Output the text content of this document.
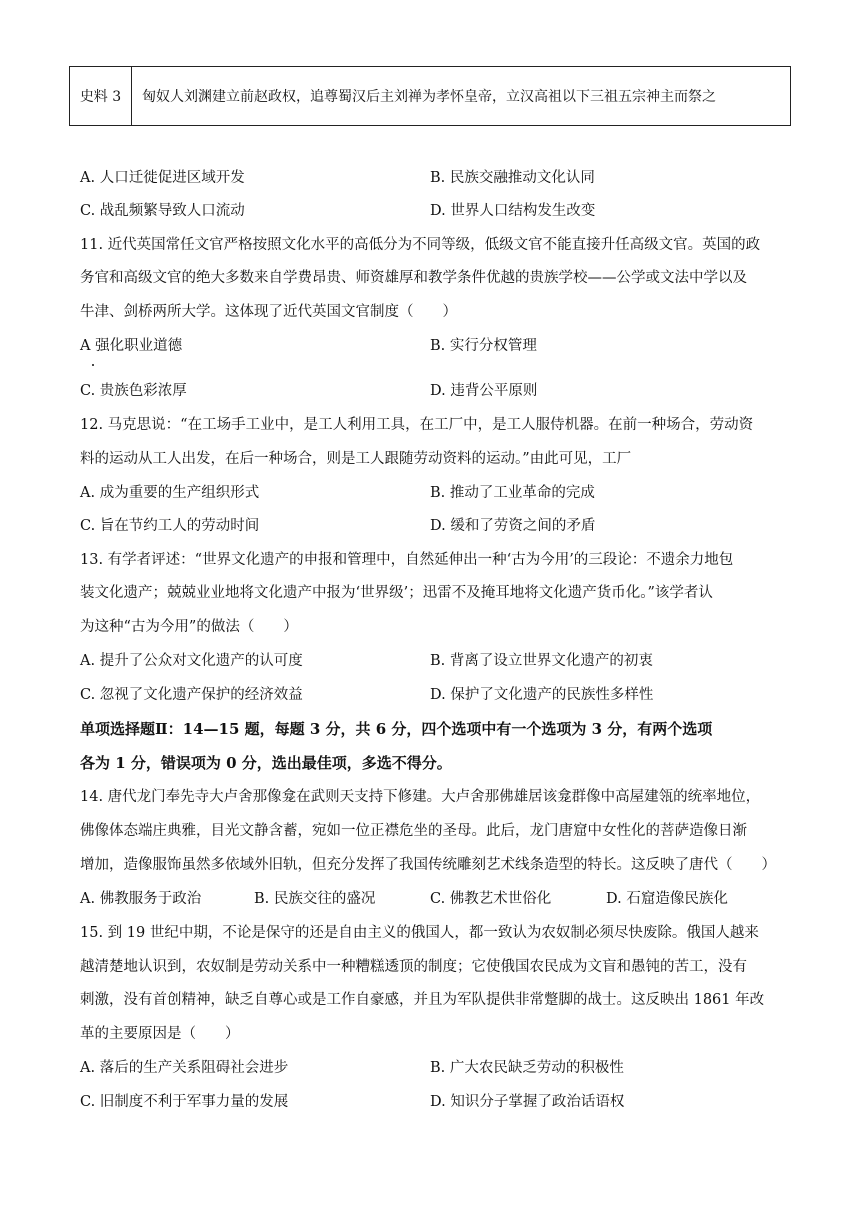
史料 3	匈奴人刘渊建立前赵政权，追尊蜀汉后主刘禅为孝怀皇帝，立汉高祖以下三祖五宗神主而祭之
A. 人口迁徙促进区域开发	B. 民族交融推动文化认同
C. 战乱频繁导致人口流动	D. 世界人口结构发生改变
11. 近代英国常任文官严格按照文化水平的高低分为不同等级，低级文官不能直接升任高级文官。英国的政
务官和高级文官的绝大多数来自学费昂贵、师资雄厚和教学条件优越的贵族学校——公学或文法中学以及
牛津、剑桥两所大学。这体现了近代英国文官制度（　　）
A 强化职业道德	B. 实行分权管理
C. 贵族色彩浓厚	D. 违背公平原则
12. 马克思说：“在工场手工业中，是工人利用工具，在工厂中，是工人服侍机器。在前一种场合，劳动资
料的运动从工人出发，在后一种场合，则是工人跟随劳动资料的运动。”由此可见，工厂
A. 成为重要的生产组织形式	B. 推动了工业革命的完成
C. 旨在节约工人的劳动时间	D. 缓和了劳资之间的矛盾
13. 有学者评述：“世界文化遗产的申报和管理中，自然延伸出一种‘古为今用’的三段论：不遗余力地包
装文化遗产；兢兢业业地将文化遗产中报为‘世界级’；迅雷不及掩耳地将文化遗产货币化。”该学者认
为这种“古为今用”的做法（　　）
A. 提升了公众对文化遗产的认可度	B. 背离了设立世界文化遗产的初衷
C. 忽视了文化遗产保护的经济效益	D. 保护了文化遗产的民族性多样性
单项选择题Ⅱ：14—15 题，每题 3 分，共 6 分，四个选项中有一个选项为 3 分，有两个选项
各为 1 分，错误项为 0 分，选出最佳项，多选不得分。
14. 唐代龙门奉先寺大卢舍那像龛在武则天支持下修建。大卢舍那佛雄居该龛群像中高屋建瓴的统率地位，
佛像体态端庄典雅，目光文静含蓄，宛如一位正襟危坐的圣母。此后，龙门唐窟中女性化的菩萨造像日渐
增加，造像服饰虽然多依域外旧轨，但充分发挥了我国传统雕刻艺术线条造型的特长。这反映了唐代（　　）
A. 佛教服务于政治	B. 民族交往的盛况	C. 佛教艺术世俗化	D. 石窟造像民族化
15. 到 19 世纪中期，不论是保守的还是自由主义的俄国人，都一致认为农奴制必须尽快废除。俄国人越来
越清楚地认识到，农奴制是劳动关系中一种糟糕透顶的制度；它使俄国农民成为文盲和愚钝的苦工，没有
刺激，没有首创精神，缺乏自尊心或是工作自豪感，并且为军队提供非常蹩脚的战士。这反映出 1861 年改
革的主要原因是（　　）
A. 落后的生产关系阻碍社会进步	B. 广大农民缺乏劳动的积极性
C. 旧制度不利于军事力量的发展	D. 知识分子掌握了政治话语权
